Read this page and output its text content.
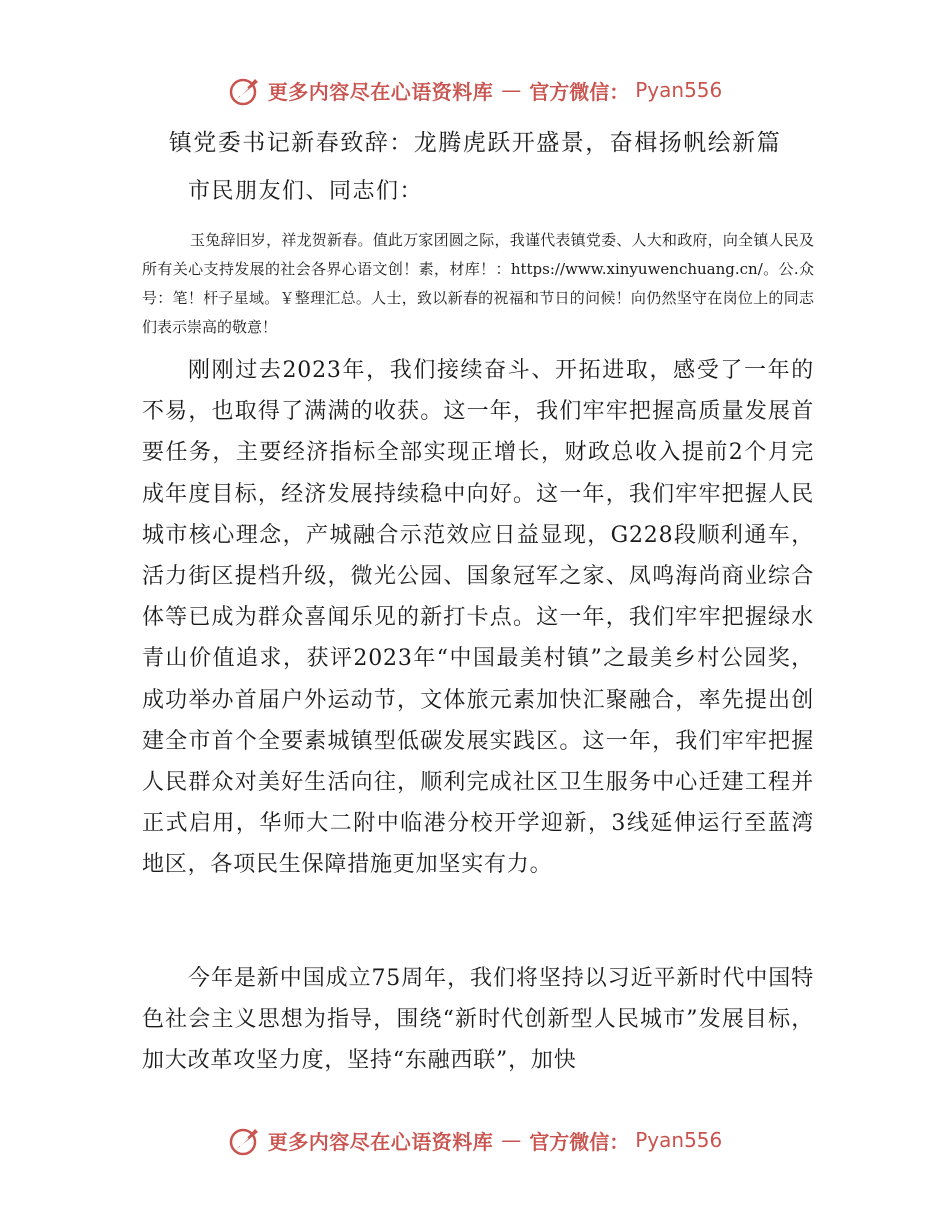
更多内容尽在心语资料库 — 官方微信： Pyan556
镇党委书记新春致辞：龙腾虎跃开盛景，奋楫扬帆绘新篇
市民朋友们、同志们：

玉兔辞旧岁，祥龙贺新春。值此万家团圆之际，我谨代表镇党委、人大和政府，向全镇人民及所有关心支持发展的社会各界心语文创！素，材库！：https://www.xinyuwenchuang.cn/。公.众号：笔！杆子星域。￥整理汇总。人士，致以新春的祝福和节日的问候！向仍然坚守在岗位上的同志们表示崇高的敬意！

刚刚过去2023年，我们接续奋斗、开拓进取，感受了一年的不易，也取得了满满的收获。这一年，我们牢牢把握高质量发展首要任务，主要经济指标全部实现正增长，财政总收入提前2个月完成年度目标，经济发展持续稳中向好。这一年，我们牢牢把握人民城市核心理念，产城融合示范效应日益显现，G228段顺利通车，活力街区提档升级，微光公园、国象冠军之家、凤鸣海尚商业综合体等已成为群众喜闻乐见的新打卡点。这一年，我们牢牢把握绿水青山价值追求，获评2023年“中国最美村镇”之最美乡村公园奖，成功举办首届户外运动节，文体旅元素加快汇聚融合，率先提出创建全市首个全要素城镇型低碳发展实践区。这一年，我们牢牢把握人民群众对美好生活向往，顺利完成社区卫生服务中心迁建工程并正式启用，华师大二附中临港分校开学迎新，3线延伸运行至蓝湾地区，各项民生保障措施更加坚实有力。

今年是新中国成立75周年，我们将坚持以习近平新时代中国特色社会主义思想为指导，围绕“新时代创新型人民城市”发展目标，加大改革攻坚力度，坚持“东融西联”，加快

更多内容尽在心语资料库 — 官方微信： Pyan556
